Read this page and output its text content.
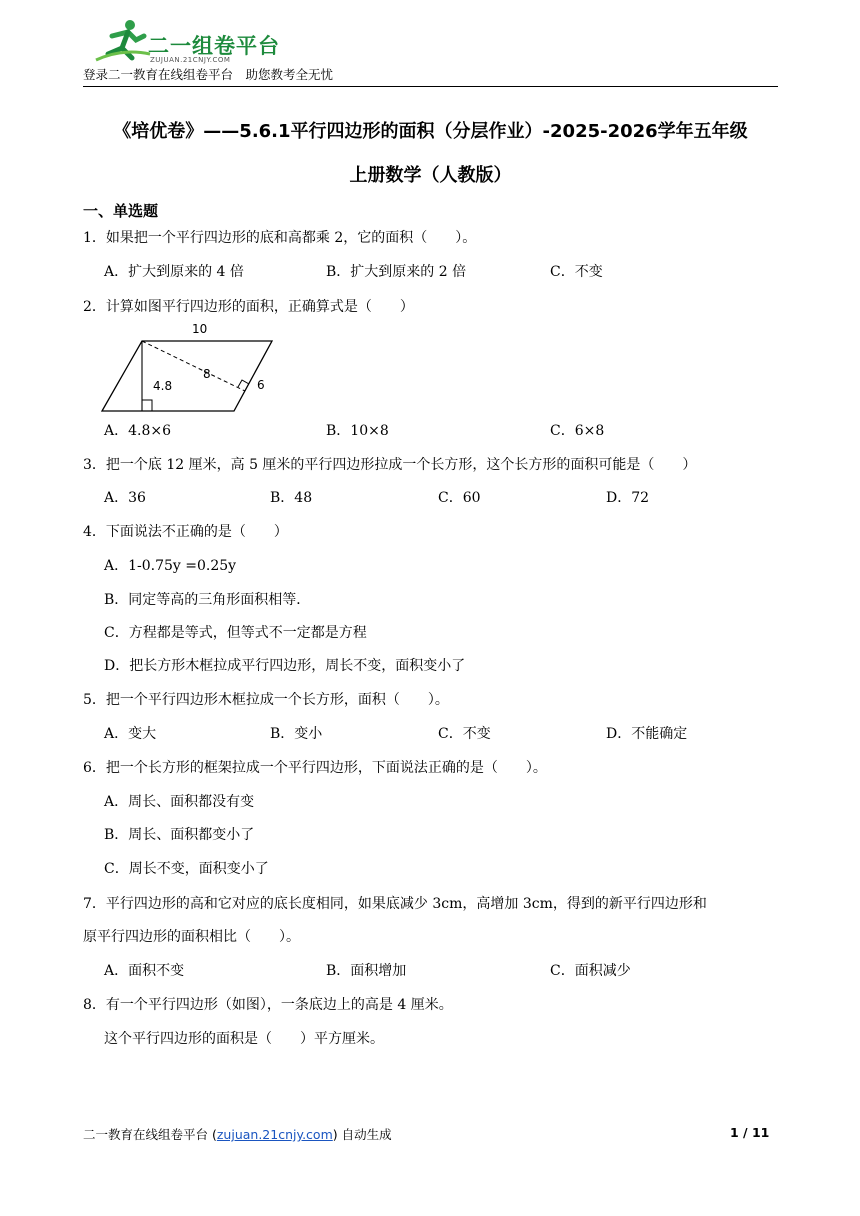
二一组卷平台
ZUJUAN.21CNJY.COM
登录二一教育在线组卷平台　助您教考全无忧
《培优卷》——5.6.1平行四边形的面积（分层作业）-2025-2026学年五年级
上册数学（人教版）
一、单选题
1．如果把一个平行四边形的底和高都乘 2，它的面积（　　）。
A．扩大到原来的 4 倍	B．扩大到原来的 2 倍	C．不变
2．计算如图平行四边形的面积，正确算式是（　　）
10
4.8
8
6
A．4.8×6	B．10×8	C．6×8
3．把一个底 12 厘米，高 5 厘米的平行四边形拉成一个长方形，这个长方形的面积可能是（　　）
A．36	B．48	C．60	D．72
4．下面说法不正确的是（　　）
A．1-0.75y =0.25y
B．同定等高的三角形面积相等．
C．方程都是等式，但等式不一定都是方程
D．把长方形木框拉成平行四边形，周长不变，面积变小了
5．把一个平行四边形木框拉成一个长方形，面积（　　）。
A．变大	B．变小	C．不变	D．不能确定
6．把一个长方形的框架拉成一个平行四边形，下面说法正确的是（　　）。
A．周长、面积都没有变
B．周长、面积都变小了
C．周长不变，面积变小了
7．平行四边形的高和它对应的底长度相同，如果底减少 3cm，高增加 3cm，得到的新平行四边形和
原平行四边形的面积相比（　　）。
A．面积不变	B．面积增加	C．面积减少
8．有一个平行四边形（如图），一条底边上的高是 4 厘米。
这个平行四边形的面积是（　　）平方厘米。
二一教育在线组卷平台 (zujuan.21cnjy.com) 自动生成	1 / 11
